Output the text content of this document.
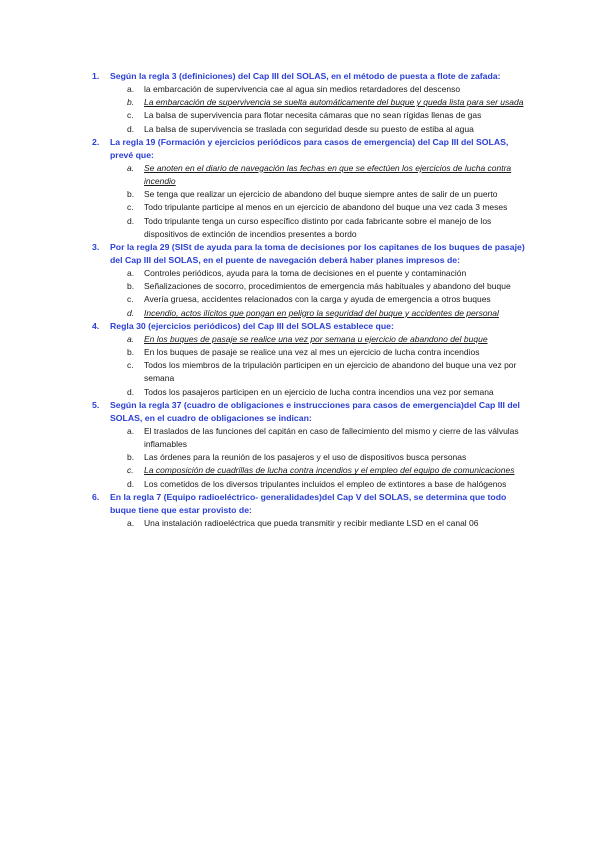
1. Según la regla 3 (definiciones) del Cap III del SOLAS, en el método de puesta a flote de zafada:
a. la embarcación de supervivencia cae al agua sin medios retardadores del descenso
b. La embarcación de supervivencia se suelta automáticamente del buque y queda lista para ser usada
c. La balsa de supervivencia para flotar necesita cámaras que no sean rígidas llenas de gas
d. La balsa de supervivencia se traslada con seguridad desde su puesto de estiba al agua
2. La regla 19 (Formación y ejercicios periódicos para casos de emergencia) del Cap III del SOLAS, prevé que:
a. Se anoten en el diario de navegación las fechas en que se efectúen los ejercicios de lucha contra incendio
b. Se tenga que realizar un ejercicio de abandono del buque siempre antes de salir de un puerto
c. Todo tripulante participe al menos en un ejercicio de abandono del buque una vez cada 3 meses
d. Todo tripulante tenga un curso específico distinto por cada fabricante sobre el manejo de los dispositivos de extinción de incendios presentes a bordo
3. Por la regla 29 (SISt de ayuda para la toma de decisiones por los capitanes de los buques de pasaje) del Cap III del SOLAS, en el puente de navegación deberá haber planes impresos de:
a. Controles periódicos, ayuda para la toma de decisiones en el puente y contaminación
b. Señalizaciones de socorro, procedimientos de emergencia más habituales y abandono del buque
c. Avería gruesa, accidentes relacionados con la carga y ayuda de emergencia a otros buques
d. Incendio, actos ilícitos que pongan en peligro la seguridad del buque y accidentes de personal
4. Regla 30 (ejercicios periódicos) del Cap III del SOLAS establece que:
a. En los buques de pasaje se realice una vez por semana u ejercicio de abandono del buque
b. En los buques de pasaje se realice una vez al mes un ejercicio de lucha contra incendios
c. Todos los miembros de la tripulación participen en un ejercicio de abandono del buque una vez por semana
d. Todos los pasajeros participen en un ejercicio de lucha contra incendios una vez por semana
5. Según la regla 37 (cuadro de obligaciones e instrucciones para casos de emergencia)del Cap III del SOLAS, en el cuadro de obligaciones se indican:
a. El traslados de las funciones del capitán en caso de fallecimiento del mismo y cierre de las válvulas inflamables
b. Las órdenes para la reunión de los pasajeros y el uso de dispositivos busca personas
c. La composición de cuadrillas de lucha contra incendios y el empleo del equipo de comunicaciones
d. Los cometidos de los diversos tripulantes incluidos el empleo de extintores a base de halógenos
6. En la regla 7 (Equipo radioeléctrico- generalidades)del Cap V del SOLAS, se determina que todo buque tiene que estar provisto de:
a. Una instalación radioeléctrica que pueda transmitir y recibir mediante LSD en el canal 06
